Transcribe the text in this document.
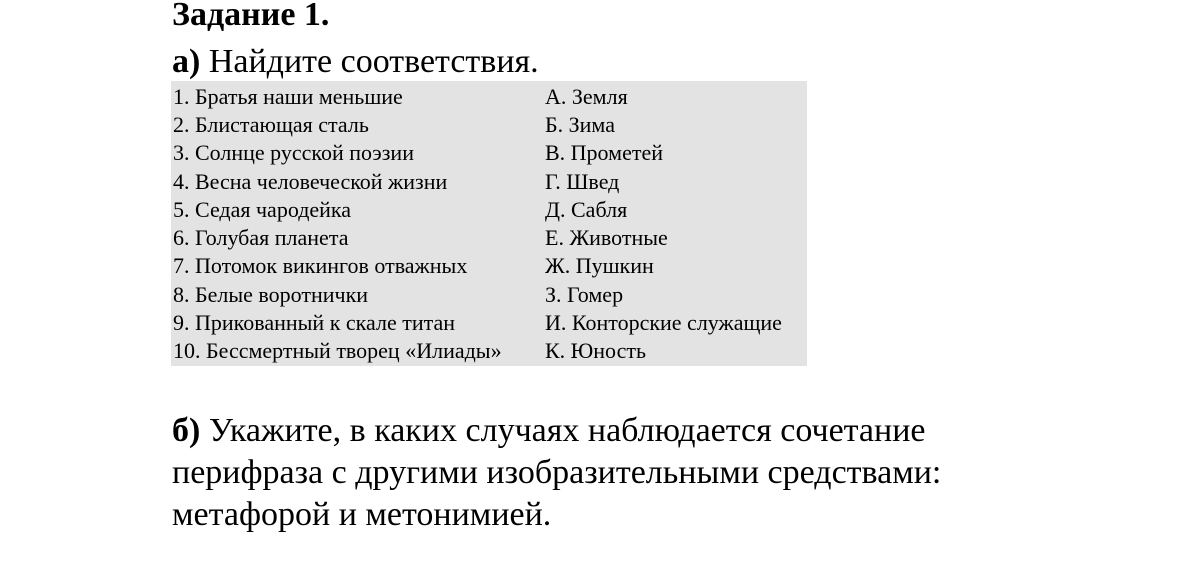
Задание 1.
а) Найдите соответствия.
1. Братья наши меньшие	А. Земля
2. Блистающая сталь	Б. Зима
3. Солнце русской поэзии	В. Прометей
4. Весна человеческой жизни	Г. Швед
5. Седая чародейка	Д. Сабля
6. Голубая планета	Е. Животные
7. Потомок викингов отважных	Ж. Пушкин
8. Белые воротнички	З. Гомер
9. Прикованный к скале титан	И. Конторские служащие
10. Бессмертный творец «Илиады» К. Юность
б) Укажите, в каких случаях наблюдается сочетание
перифраза с другими изобразительными средствами:
метафорой и метонимией.
